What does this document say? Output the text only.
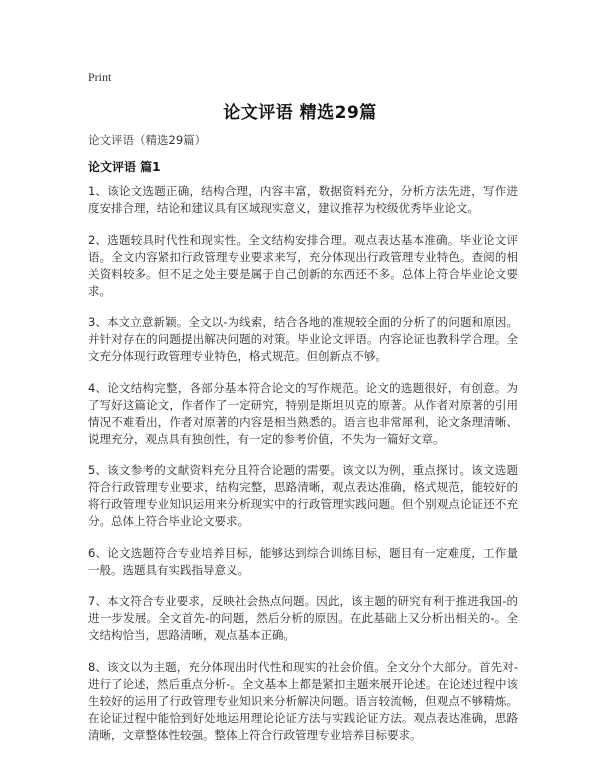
Print
论文评语 精选29篇
论文评语（精选29篇）
论文评语 篇1

1、该论文选题正确，结构合理，内容丰富，数据资料充分，分析方法先进，写作进度安排合理，结论和建议具有区域现实意义，建议推荐为校级优秀毕业论文。

2、选题较具时代性和现实性。全文结构安排合理。观点表达基本准确。毕业论文评语。全文内容紧扣行政管理专业要求来写，充分体现出行政管理专业特色。查阅的相关资料较多。但不足之处主要是属于自己创新的东西还不多。总体上符合毕业论文要求。

3、本文立意新颖。全文以-为线索，结合各地的准规较全面的分析了的问题和原因。并针对存在的问题提出解决问题的对策。毕业论文评语。内容论证也教科学合理。全文充分体现行政管理专业特色，格式规范。但创新点不够。

4、论文结构完整，各部分基本符合论文的写作规范。论文的选题很好，有创意。为了写好这篇论文，作者作了一定研究，特别是斯坦贝克的原著。从作者对原著的引用情况不难看出，作者对原著的内容是相当熟悉的。语言也非常犀利，论文条理清晰、说理充分，观点具有独创性，有一定的参考价值，不失为一篇好文章。

5、该文参考的文献资料充分且符合论题的需要。该文以为例，重点探讨。该文选题符合行政管理专业要求，结构完整，思路清晰，观点表达准确，格式规范，能较好的将行政管理专业知识运用来分析现实中的行政管理实践问题。但个别观点论证还不充分。总体上符合毕业论文要求。

6、论文选题符合专业培养目标，能够达到综合训练目标，题目有一定难度，工作量一般。选题具有实践指导意义。

7、本文符合专业要求，反映社会热点问题。因此，该主题的研究有利于推进我国-的进一步发展。全文首先-的问题，然后分析的原因。在此基础上又分析出相关的-。全文结构恰当，思路清晰，观点基本正确。

8、该文以为主题，充分体现出时代性和现实的社会价值。全文分个大部分。首先对-进行了论述，然后重点分析-。全文基本上都是紧扣主题来展开论述。在论述过程中该生较好的运用了行政管理专业知识来分析解决问题。语言较流畅，但观点不够精炼。在论证过程中能恰到好处地运用理论论证方法与实践论证方法。观点表达准确，思路清晰，文章整体性较强。整体上符合行政管理专业培养目标要求。
